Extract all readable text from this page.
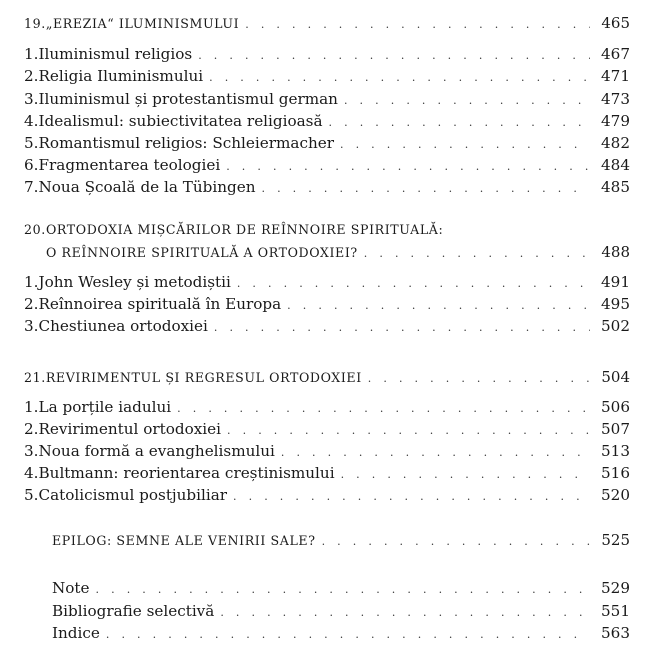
19. „EREZIA“ ILUMINISMULUI . . .	465
1. Iluminismul religios . . .	467
2. Religia Iluminismului . . .	471
3. Iluminismul și protestantismul german . . .	473
4. Idealismul: subiectivitatea religioasă . . .	479
5. Romantismul religios: Schleiermacher . . .	482
6. Fragmentarea teologiei . . .	484
7. Noua Școală de la Tübingen . . .	485
20. ORTODOXIA MIȘCĂRILOR DE REÎNNOIRE SPIRITUALĂ:
O REÎNNOIRE SPIRITUALĂ A ORTODOXIEI? . . .	488
1. John Wesley și metodiștii . . .	491
2. Reînnoirea spirituală în Europa . . .	495
3. Chestiunea ortodoxiei . . .	502
21. REVIRIMENTUL ȘI REGRESUL ORTODOXIEI . . .	504
1. La porțile iadului . . .	506
2. Revirimentul ortodoxiei . . .	507
3. Noua formă a evanghelismului . . .	513
4. Bultmann: reorientarea creștinismului . . .	516
5. Catolicismul postjubiliar . . .	520
EPILOG: SEMNE ALE VENIRII SALE? . . .	525
Note . . .	529
Bibliografie selectivă . . .	551
Indice . . .	563
